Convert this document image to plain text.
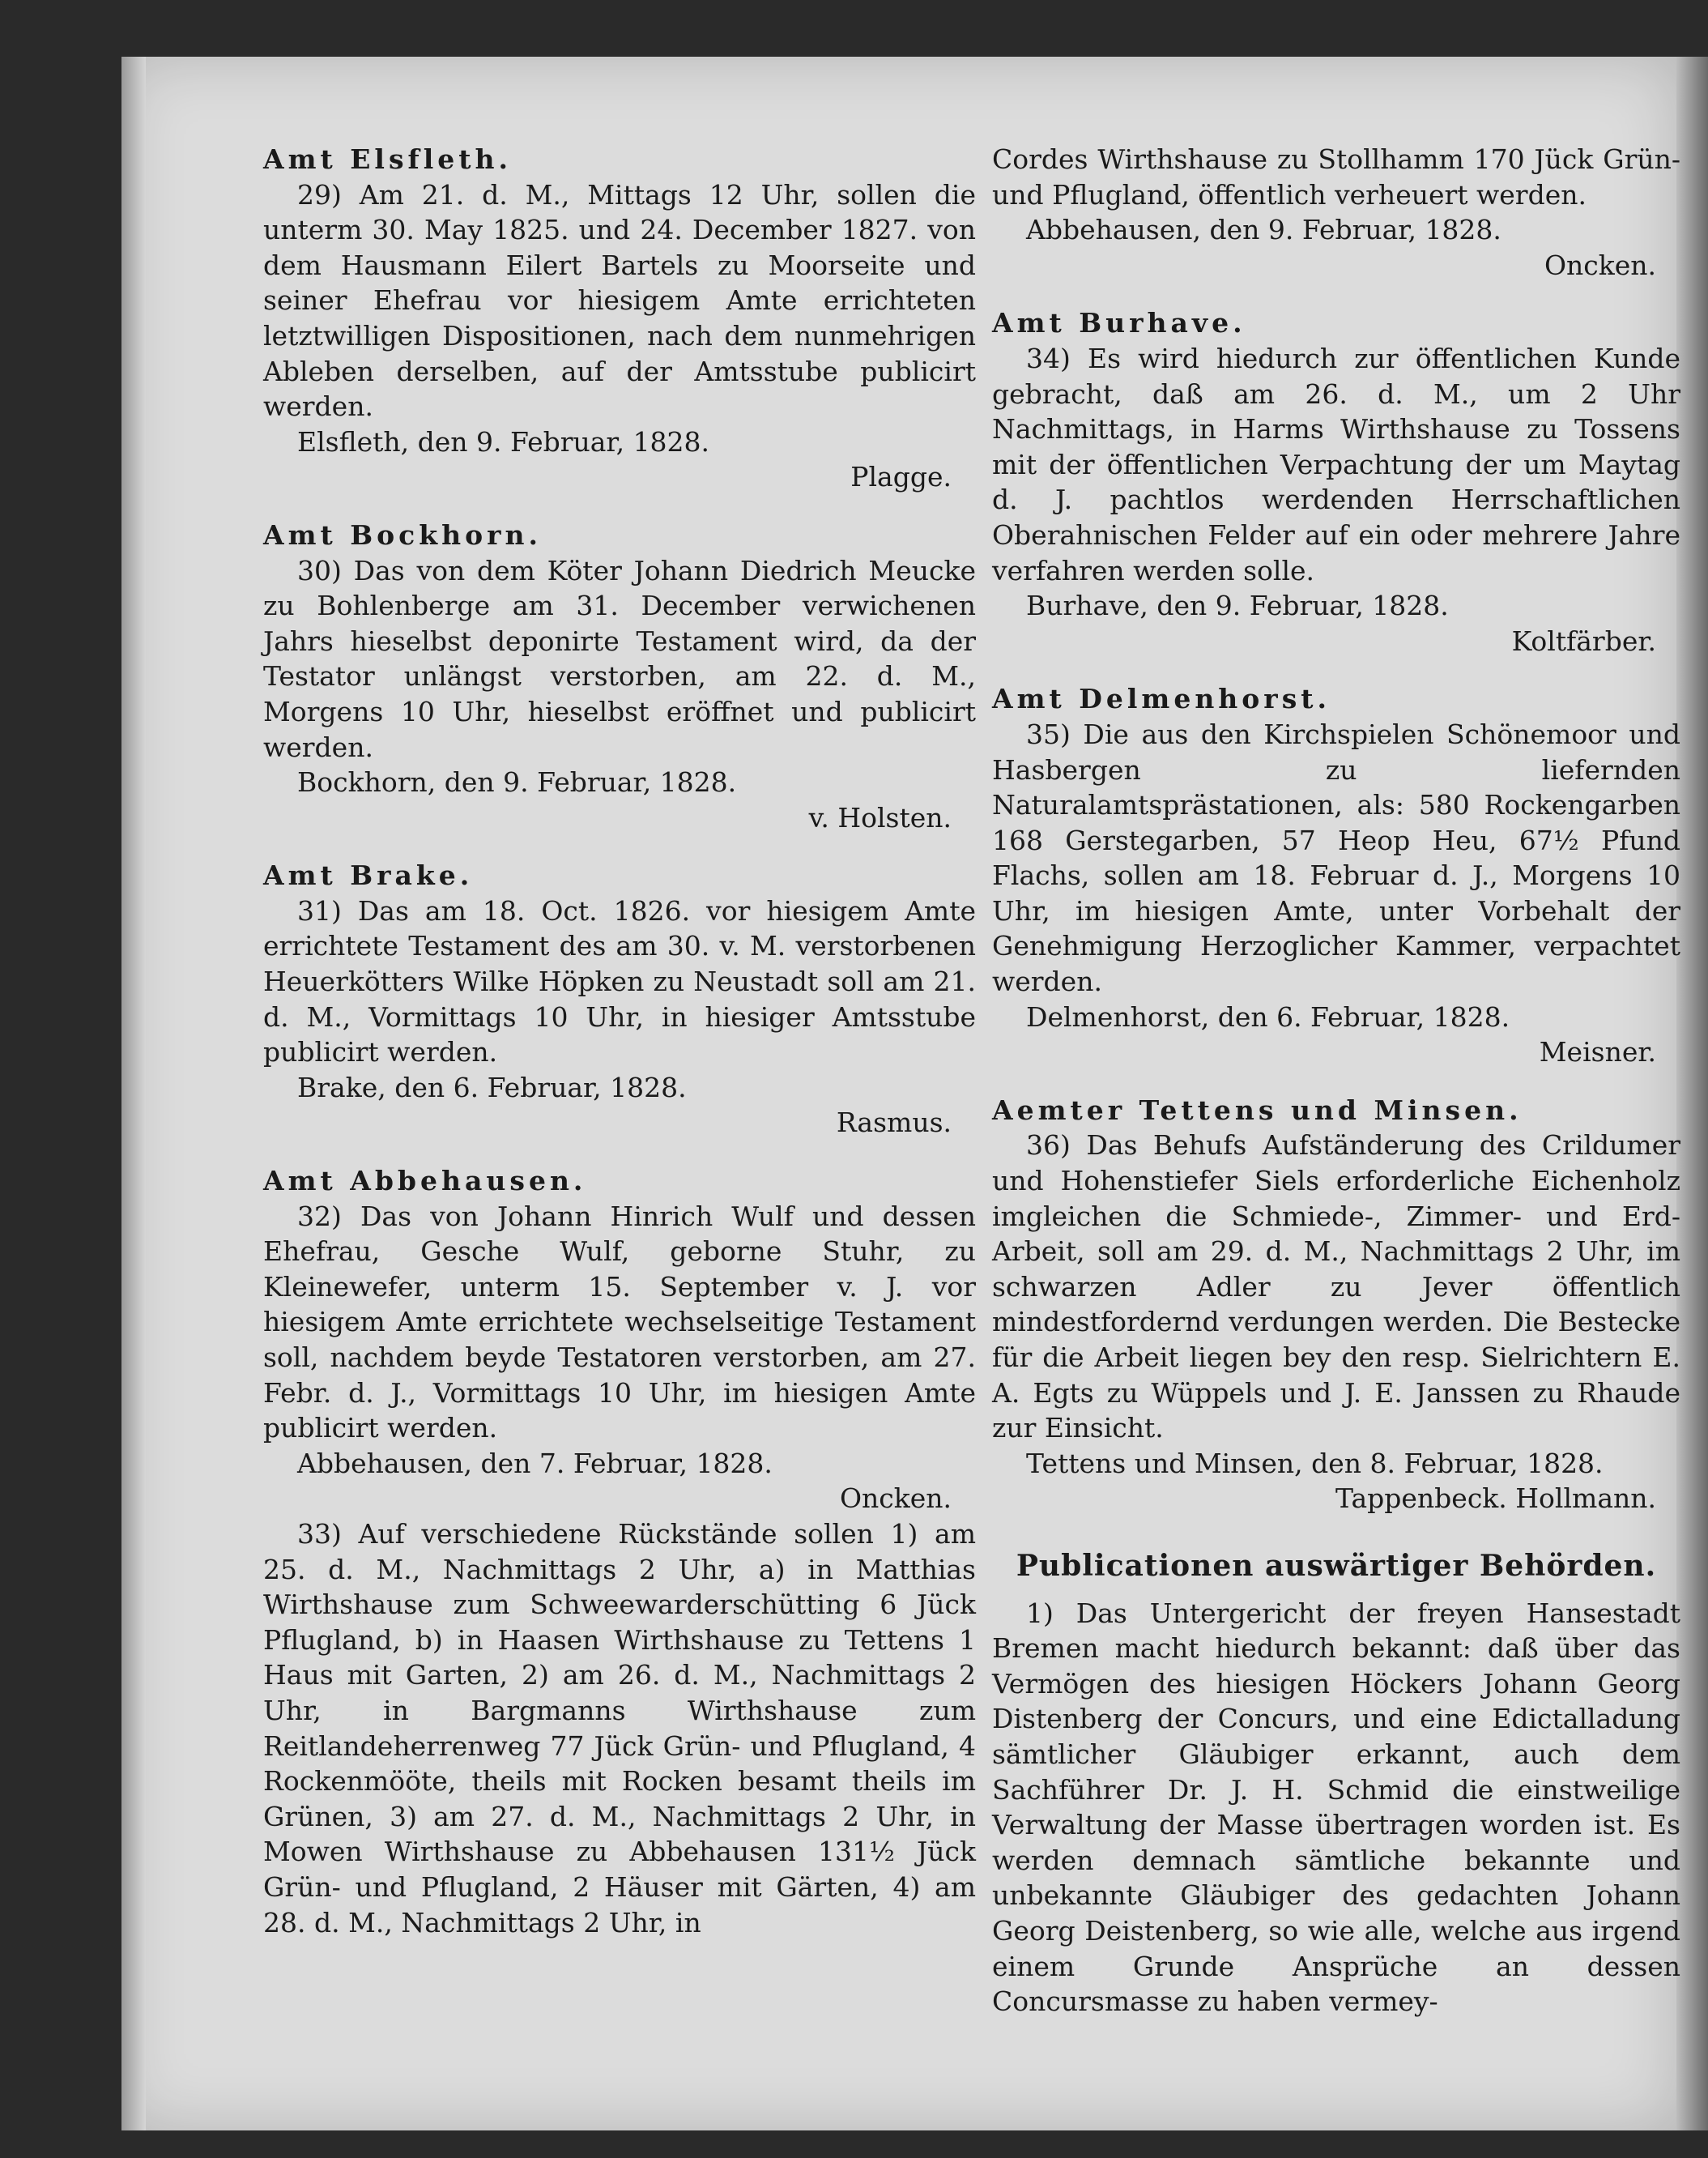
Amt Elsfleth.

29) Am 21. d. M., Mittags 12 Uhr, sollen die unterm 30. May 1825. und 24. December 1827. von dem Hausmann Eilert Bartels zu Moorseite und seiner Ehefrau vor hiesigem Amte errichteten letztwilligen Dispositionen, nach dem nunmehrigen Ableben derselben, auf der Amtsstube publicirt werden.

Elsfleth, den 9. Februar, 1828.

Plagge.

Amt Bockhorn.

30) Das von dem Köter Johann Diedrich Meucke zu Bohlenberge am 31. December verwichenen Jahrs hieselbst deponirte Testament wird, da der Testator unlängst verstorben, am 22. d. M., Morgens 10 Uhr, hieselbst eröffnet und publicirt werden.

Bockhorn, den 9. Februar, 1828.

v. Holsten.

Amt Brake.

31) Das am 18. Oct. 1826. vor hiesigem Amte errichtete Testament des am 30. v. M. verstorbenen Heuerkötters Wilke Höpken zu Neustadt soll am 21. d. M., Vormittags 10 Uhr, in hiesiger Amtsstube publicirt werden.

Brake, den 6. Februar, 1828.

Rasmus.

Amt Abbehausen.

32) Das von Johann Hinrich Wulf und dessen Ehefrau, Gesche Wulf, geborne Stuhr, zu Kleinewefer, unterm 15. September v. J. vor hiesigem Amte errichtete wechselseitige Testament soll, nachdem beyde Testatoren verstorben, am 27. Febr. d. J., Vormittags 10 Uhr, im hiesigen Amte publicirt werden.

Abbehausen, den 7. Februar, 1828.

Oncken.

33) Auf verschiedene Rückstände sollen 1) am 25. d. M., Nachmittags 2 Uhr, a) in Matthias Wirthshause zum Schweewarderschütting 6 Jück Pflugland, b) in Haasen Wirthshause zu Tettens 1 Haus mit Garten, 2) am 26. d. M., Nachmittags 2 Uhr, in Bargmanns Wirthshause zum Reitlandeherrenweg 77 Jück Grün- und Pflugland, 4 Rockenmööte, theils mit Rocken besamt theils im Grünen, 3) am 27. d. M., Nachmittags 2 Uhr, in Mowen Wirthshause zu Abbehausen 131½ Jück Grün- und Pflugland, 2 Häuser mit Gärten, 4) am 28. d. M., Nachmittags 2 Uhr, in

Cordes Wirthshause zu Stollhamm 170 Jück Grün- und Pflugland, öffentlich verheuert werden.

Abbehausen, den 9. Februar, 1828.

Oncken.

Amt Burhave.

34) Es wird hiedurch zur öffentlichen Kunde gebracht, daß am 26. d. M., um 2 Uhr Nachmittags, in Harms Wirthshause zu Tossens mit der öffentlichen Verpachtung der um Maytag d. J. pachtlos werdenden Herrschaftlichen Oberahnischen Felder auf ein oder mehrere Jahre verfahren werden solle.

Burhave, den 9. Februar, 1828.

Koltfärber.

Amt Delmenhorst.

35) Die aus den Kirchspielen Schönemoor und Hasbergen zu liefernden Naturalamtsprästationen, als: 580 Rockengarben 168 Gerstegarben, 57 Heop Heu, 67½ Pfund Flachs, sollen am 18. Februar d. J., Morgens 10 Uhr, im hiesigen Amte, unter Vorbehalt der Genehmigung Herzoglicher Kammer, verpachtet werden.

Delmenhorst, den 6. Februar, 1828.

Meisner.

Aemter Tettens und Minsen.

36) Das Behufs Aufständerung des Crildumer und Hohenstiefer Siels erforderliche Eichenholz imgleichen die Schmiede-, Zimmer- und Erd-Arbeit, soll am 29. d. M., Nachmittags 2 Uhr, im schwarzen Adler zu Jever öffentlich mindestfordernd verdungen werden. Die Bestecke für die Arbeit liegen bey den resp. Sielrichtern E. A. Egts zu Wüppels und J. E. Janssen zu Rhaude zur Einsicht.

Tettens und Minsen, den 8. Februar, 1828.

Tappenbeck. Hollmann.

Publicationen auswärtiger Behörden.

1) Das Untergericht der freyen Hansestadt Bremen macht hiedurch bekannt: daß über das Vermögen des hiesigen Höckers Johann Georg Distenberg der Concurs, und eine Edictalladung sämtlicher Gläubiger erkannt, auch dem Sachführer Dr. J. H. Schmid die einstweilige Verwaltung der Masse übertragen worden ist. Es werden demnach sämtliche bekannte und unbekannte Gläubiger des gedachten Johann Georg Deistenberg, so wie alle, welche aus irgend einem Grunde Ansprüche an dessen Concursmasse zu haben vermey-
